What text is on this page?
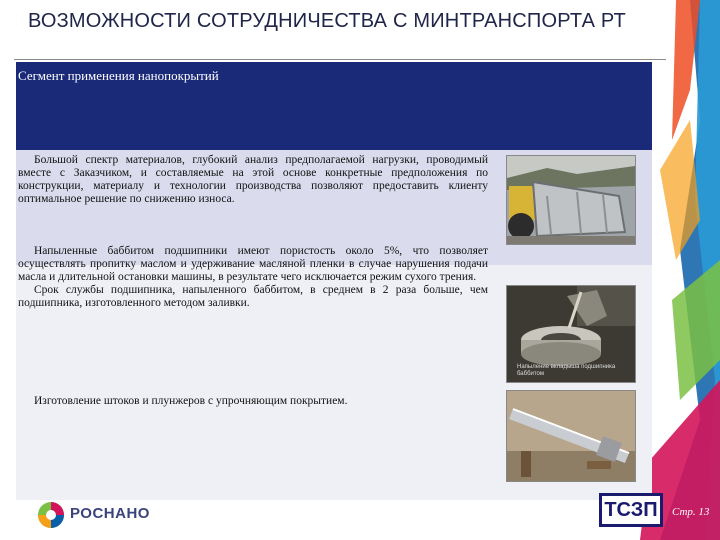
ВОЗМОЖНОСТИ СОТРУДНИЧЕСТВА С МИНТРАНСПОРТА РТ
Сегмент применения нанопокрытий

Большой спектр материалов, глубокий анализ предполагаемой нагрузки, проводимый вместе с Заказчиком, и составляемые на этой основе конкретные предположения по конструкции, материалу и технологии производства позволяют предоставить клиенту оптимальное решение по снижению износа.

Напыленные баббитом подшипники имеют пористость около 5%, что позволяет осуществлять пропитку маслом и удерживание масляной пленки в случае нарушения подачи масла и длительной остановки машины, в результате чего исключается режим сухого трения.

Срок службы подшипника, напыленного баббитом, в среднем в 2 раза больше, чем подшипника, изготовленного методом заливки.

Напыление вкладыша подшипника баббитом

Изготовление штоков и плунжеров с упрочняющим покрытием.

РОСНАНО	ТСЗП	Стр. 13
